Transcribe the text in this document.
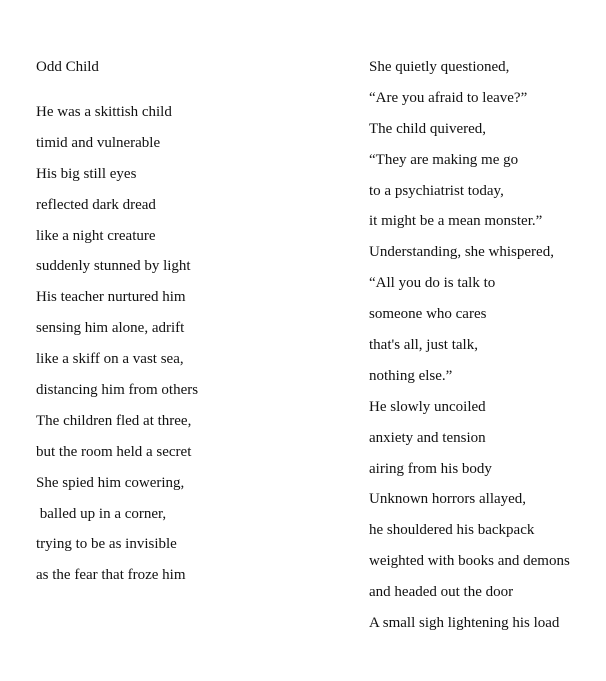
Odd Child
He was a skittish child
timid and vulnerable
His big still eyes
reflected dark dread
like a night creature
suddenly stunned by light
His teacher nurtured him
sensing him alone, adrift
like a skiff on a vast sea,
distancing him from others
The children fled at three,
but the room held a secret
She spied him cowering,
balled up in a corner,
trying to be as invisible
as the fear that froze him
She quietly questioned,
“Are you afraid to leave?”
The child quivered,
“They are making me go
to a psychiatrist today,
it might be a mean monster.”
Understanding, she whispered,
“All you do is talk to
someone who cares
that's all, just talk,
nothing else.”
He slowly uncoiled
anxiety and tension
airing from his body
Unknown horrors allayed,
he shouldered his backpack
weighted with books and demons
and headed out the door
A small sigh lightening his load
